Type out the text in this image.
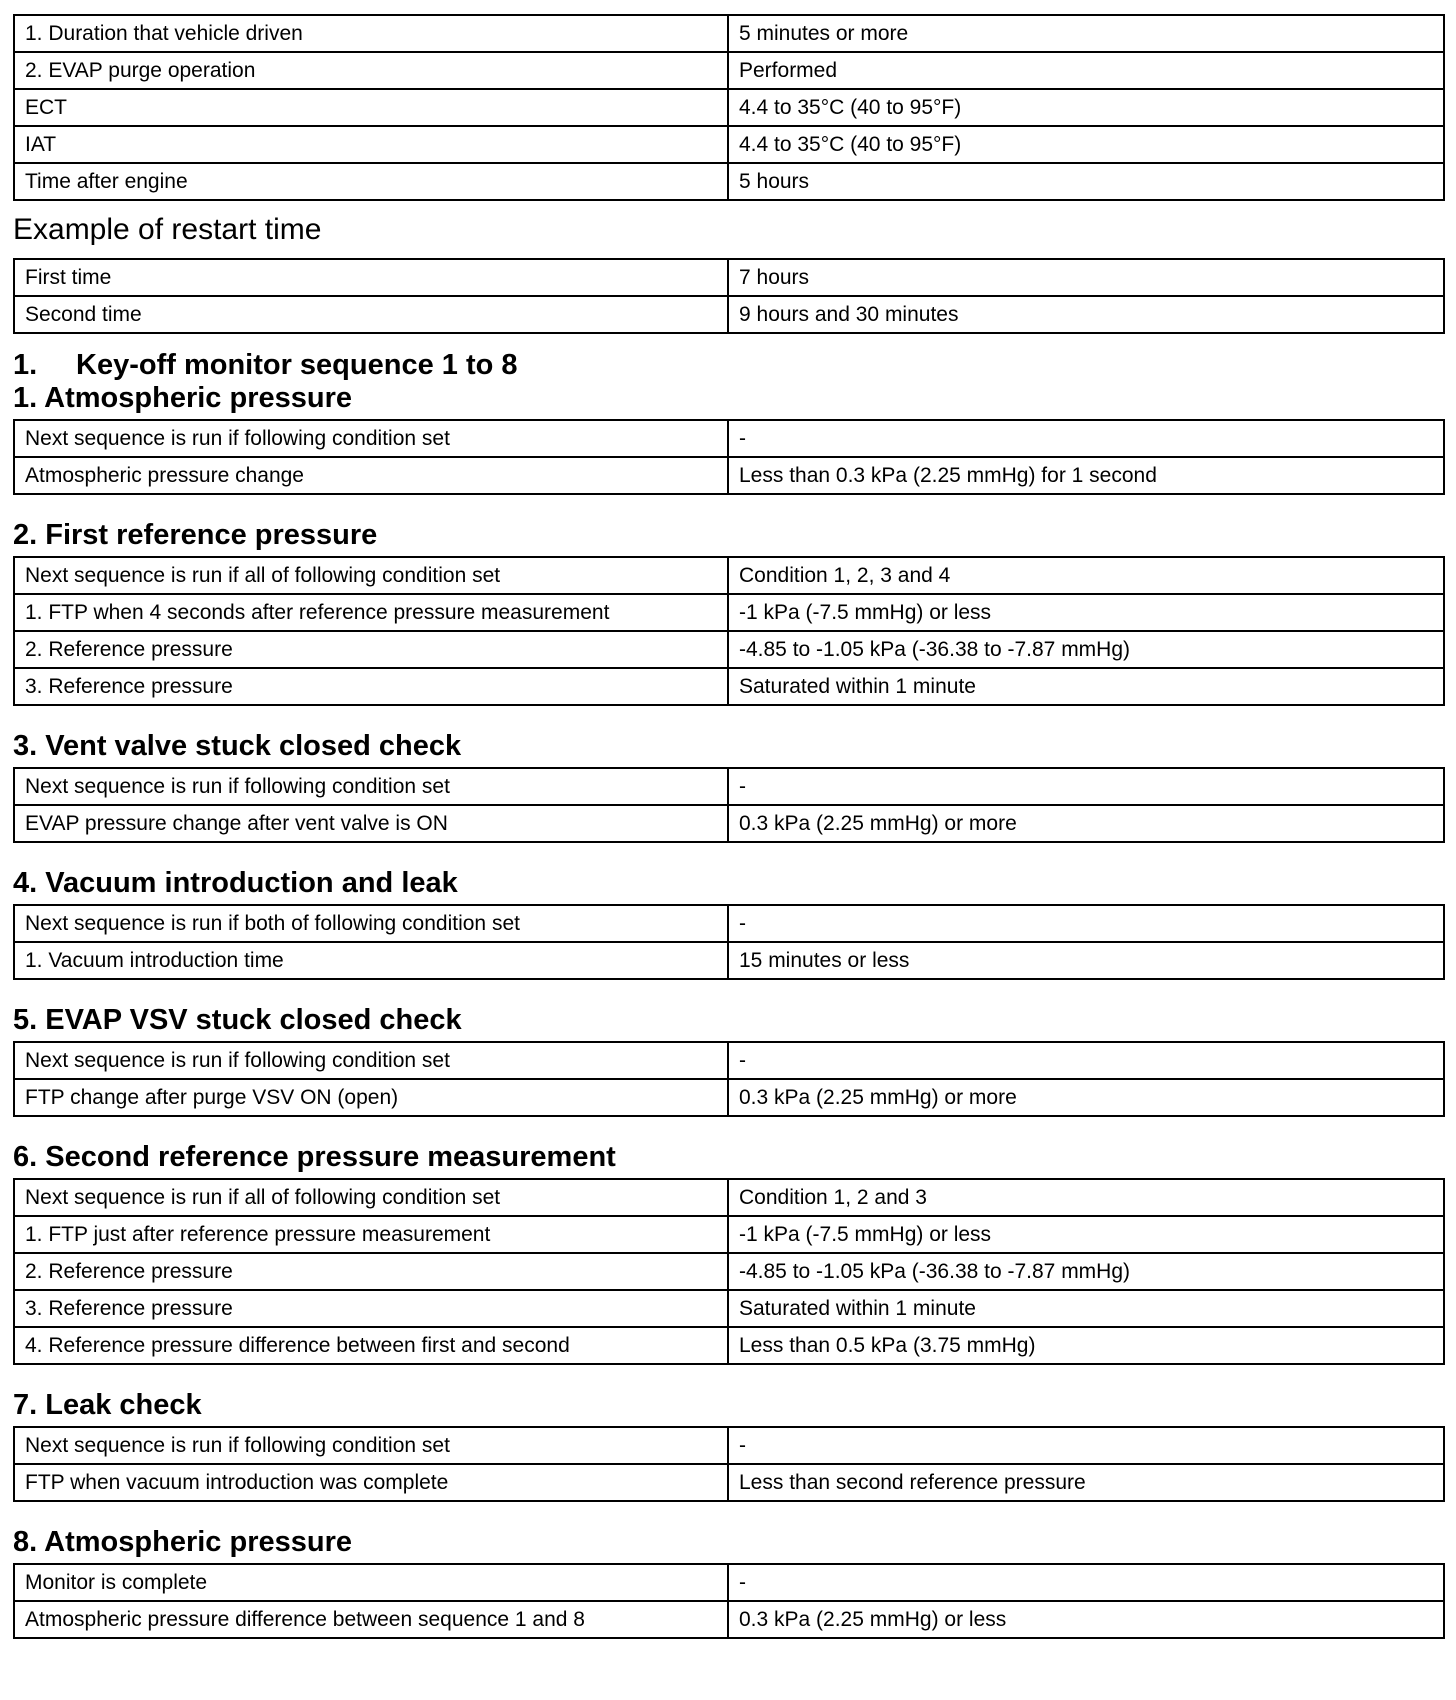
1. Duration that vehicle driven	5 minutes or more
2. EVAP purge operation	Performed
ECT	4.4 to 35°C (40 to 95°F)
IAT	4.4 to 35°C (40 to 95°F)
Time after engine	5 hours
Example of restart time
First time	7 hours
Second time	9 hours and 30 minutes
1.	Key-off monitor sequence 1 to 8
1. Atmospheric pressure
Next sequence is run if following condition set	-
Atmospheric pressure change	Less than 0.3 kPa (2.25 mmHg) for 1 second
2. First reference pressure
Next sequence is run if all of following condition set	Condition 1, 2, 3 and 4
1. FTP when 4 seconds after reference pressure measurement	-1 kPa (-7.5 mmHg) or less
2. Reference pressure	-4.85 to -1.05 kPa (-36.38 to -7.87 mmHg)
3. Reference pressure	Saturated within 1 minute
3. Vent valve stuck closed check
Next sequence is run if following condition set	-
EVAP pressure change after vent valve is ON	0.3 kPa (2.25 mmHg) or more
4. Vacuum introduction and leak
Next sequence is run if both of following condition set	-
1. Vacuum introduction time	15 minutes or less
5. EVAP VSV stuck closed check
Next sequence is run if following condition set	-
FTP change after purge VSV ON (open)	0.3 kPa (2.25 mmHg) or more
6. Second reference pressure measurement
Next sequence is run if all of following condition set	Condition 1, 2 and 3
1. FTP just after reference pressure measurement	-1 kPa (-7.5 mmHg) or less
2. Reference pressure	-4.85 to -1.05 kPa (-36.38 to -7.87 mmHg)
3. Reference pressure	Saturated within 1 minute
4. Reference pressure difference between first and second	Less than 0.5 kPa (3.75 mmHg)
7. Leak check
Next sequence is run if following condition set	-
FTP when vacuum introduction was complete	Less than second reference pressure
8. Atmospheric pressure
Monitor is complete	-
Atmospheric pressure difference between sequence 1 and 8	0.3 kPa (2.25 mmHg) or less
